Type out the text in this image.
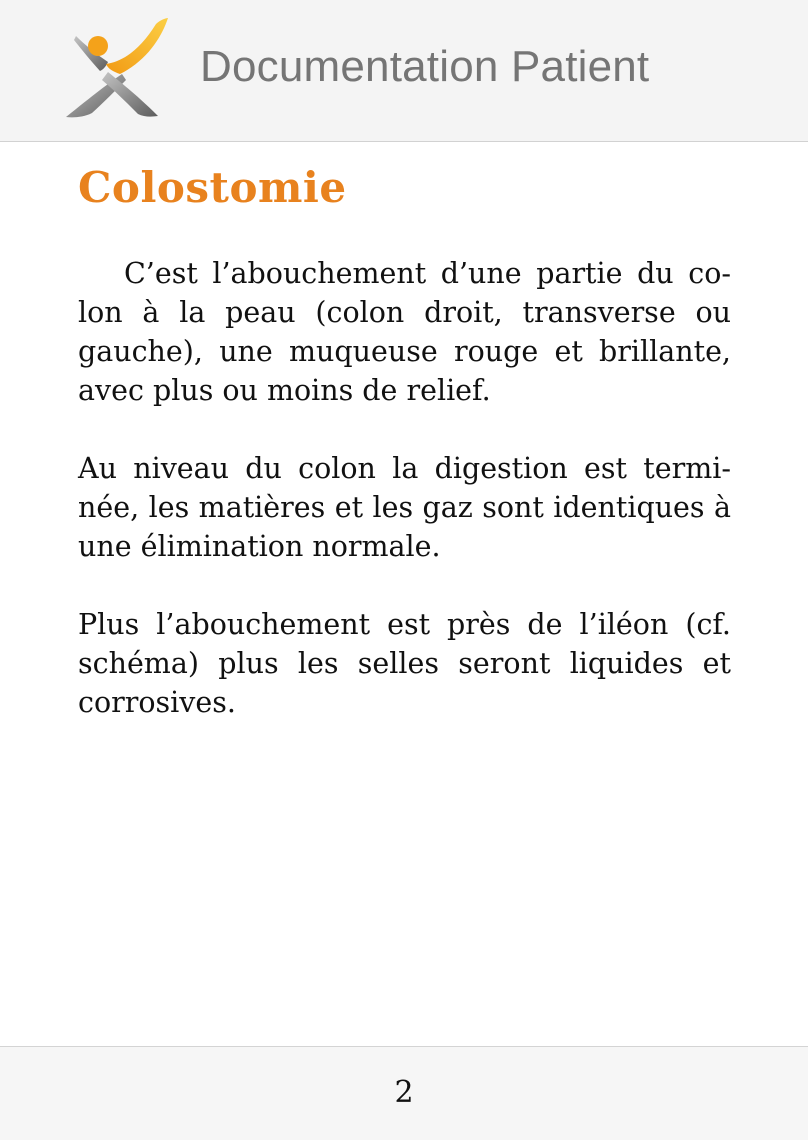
Documentation Patient
Colostomie

C’est l’abouchement d’une partie du colon à la peau (colon droit, transverse ou gauche), une muqueuse rouge et brillante, avec plus ou moins de relief.

Au niveau du colon la digestion est terminée, les matières et les gaz sont identiques à une élimination normale.

Plus l’abouchement est près de l’iléon (cf. schéma) plus les selles seront liquides et corrosives.

2
